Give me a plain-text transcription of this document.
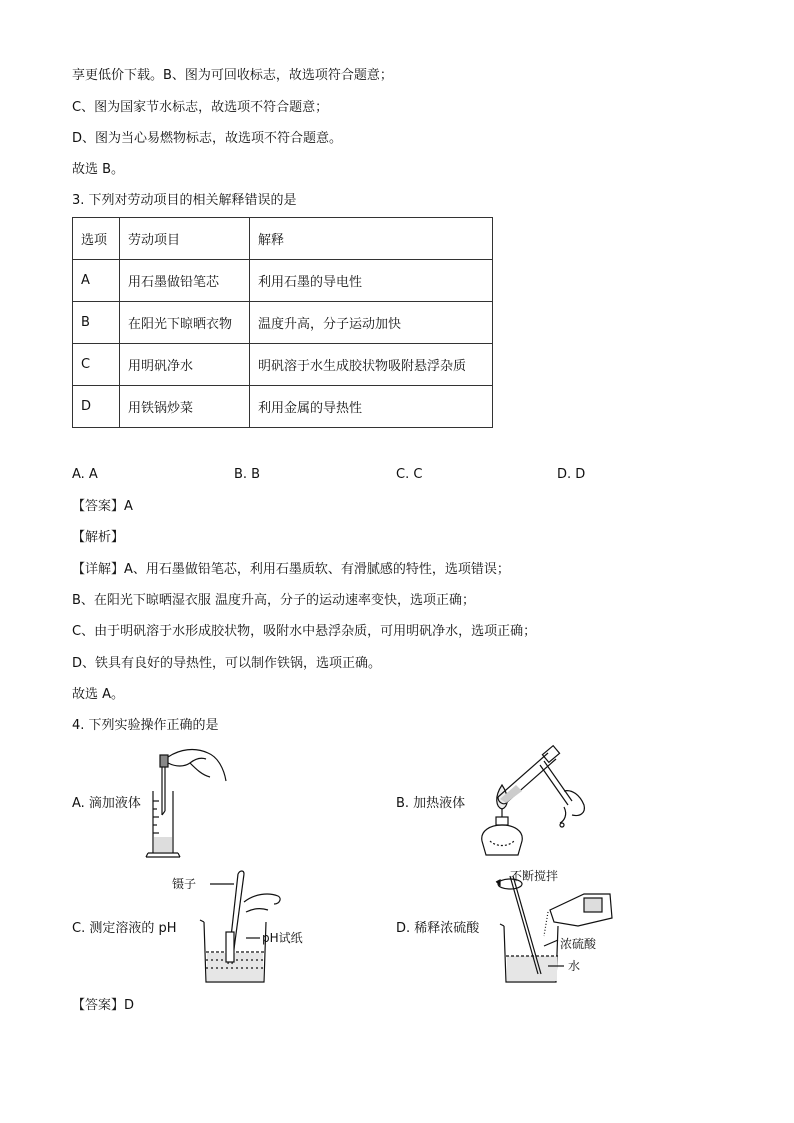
享更低价下载。B、图为可回收标志，故选项符合题意；
C、图为国家节水标志，故选项不符合题意；
D、图为当心易燃物标志，故选项不符合题意。
故选 B。
3. 下列对劳动项目的相关解释错误的是
选项	劳动项目	解释
A	用石墨做铅笔芯	利用石墨的导电性
B	在阳光下晾晒衣物	温度升高，分子运动加快
C	用明矾净水	明矾溶于水生成胶状物吸附悬浮杂质
D	用铁锅炒菜	利用金属的导热性
A. A	B. B	C. C	D. D
【答案】A
【解析】
【详解】A、用石墨做铅笔芯，利用石墨质软、有滑腻感的特性，选项错误；
B、在阳光下晾晒湿衣服 温度升高，分子的运动速率变快，选项正确；
C、由于明矾溶于水形成胶状物，吸附水中悬浮杂质，可用明矾净水，选项正确；
D、铁具有良好的导热性，可以制作铁锅，选项正确。
故选 A。
4. 下列实验操作正确的是
A. 滴加液体	B. 加热液体
C. 测定溶液的 pH	D. 稀释浓硫酸
镊子
pH试纸
不断搅拌
浓硫酸
水
【答案】D
